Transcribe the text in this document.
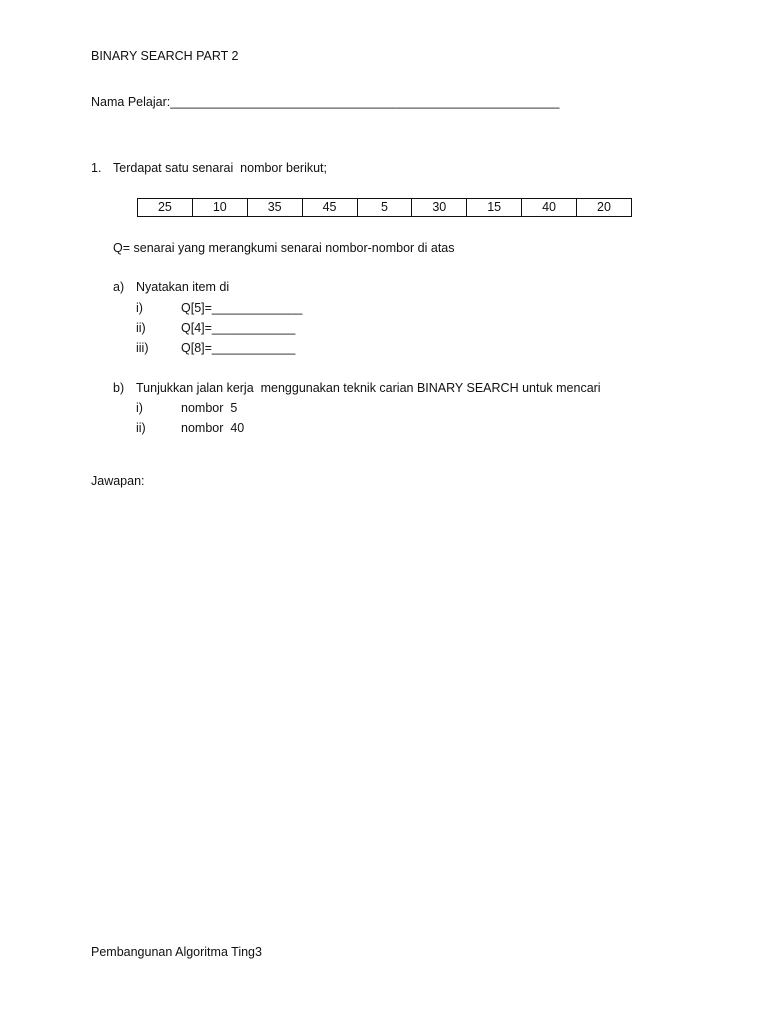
BINARY SEARCH PART 2
Nama Pelajar:________________________________________________________
1. Terdapat satu senarai  nombor berikut;
25	10	35	45	5	30	15	40	20
Q= senarai yang merangkumi senarai nombor-nombor di atas
a) Nyatakan item di
i)	Q[5]=_____________
ii)	Q[4]=____________
iii)	Q[8]=____________
b) Tunjukkan jalan kerja  menggunakan teknik carian BINARY SEARCH untuk mencari
i)	nombor  5
ii)	nombor  40
Jawapan:
Pembangunan Algoritma Ting3
